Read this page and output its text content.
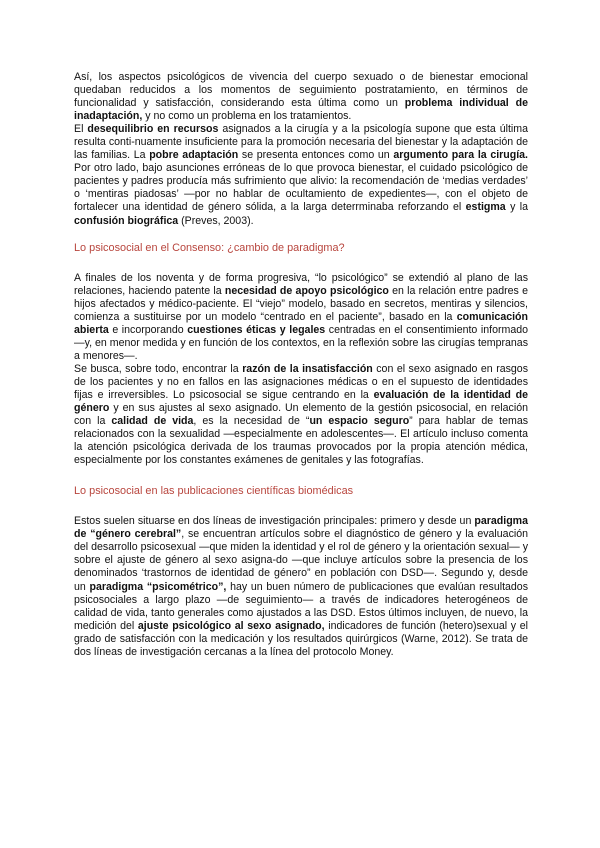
Así, los aspectos psicológicos de vivencia del cuerpo sexuado o de bienestar emocional quedaban reducidos a los momentos de seguimiento postratamiento, en términos de funcionalidad y satisfacción, considerando esta última como un problema individual de inadaptación, y no como un problema en los tratamientos.

El desequilibrio en recursos asignados a la cirugía y a la psicología supone que esta última resulta conti-nuamente insuficiente para la promoción necesaria del bienestar y la adaptación de las familias. La pobre adaptación se presenta entonces como un argumento para la cirugía. Por otro lado, bajo asunciones erróneas de lo que provoca bienestar, el cuidado psicológico de pacientes y padres producía más sufrimiento que alivio: la recomendación de ‘medias verdades’ o ‘mentiras piadosas’ —por no hablar de ocultamiento de expedientes—, con el objeto de fortalecer una identidad de género sólida, a la larga deterrminaba reforzando el estigma y la confusión biográfica (Preves, 2003).

Lo psicosocial en el Consenso: ¿cambio de paradigma?

A finales de los noventa y de forma progresiva, “lo psicológico” se extendió al plano de las relaciones, haciendo patente la necesidad de apoyo psicológico en la relación entre padres e hijos afectados y médico-paciente. El “viejo” modelo, basado en secretos, mentiras y silencios, comienza a sustituirse por un modelo “centrado en el paciente”, basado en la comunicación abierta e incorporando cuestiones éticas y legales centradas en el consentimiento informado —y, en menor medida y en función de los contextos, en la reflexión sobre las cirugías tempranas a menores—.

Se busca, sobre todo, encontrar la razón de la insatisfacción con el sexo asignado en rasgos de los pacientes y no en fallos en las asignaciones médicas o en el supuesto de identidades fijas e irreversibles. Lo psicosocial se sigue centrando en la evaluación de la identidad de género y en sus ajustes al sexo asignado. Un elemento de la gestión psicosocial, en relación con la calidad de vida, es la necesidad de “un espacio seguro” para hablar de temas relacionados con la sexualidad —especialmente en adolescentes—. El artículo incluso comenta la atención psicológica derivada de los traumas provocados por la propia atención médica, especialmente por los constantes exámenes de genitales y las fotografías.

Lo psicosocial en las publicaciones científicas biomédicas

Estos suelen situarse en dos líneas de investigación principales: primero y desde un paradigma de “género cerebral”, se encuentran artículos sobre el diagnóstico de género y la evaluación del desarrollo psicosexual —que miden la identidad y el rol de género y la orientación sexual— y sobre el ajuste de género al sexo asigna-do —que incluye artículos sobre la presencia de los denominados ‘trastornos de identidad de género” en población con DSD—. Segundo y, desde un paradigma “psicométrico”, hay un buen número de publicaciones que evalúan resultados psicosociales a largo plazo —de seguimiento— a través de indicadores heterogéneos de calidad de vida, tanto generales como ajustados a las DSD. Estos últimos incluyen, de nuevo, la medición del ajuste psicológico al sexo asignado, indicadores de función (hetero)sexual y el grado de satisfacción con la medicación y los resultados quirúrgicos (Warne, 2012). Se trata de dos líneas de investigación cercanas a la línea del protocolo Money.
